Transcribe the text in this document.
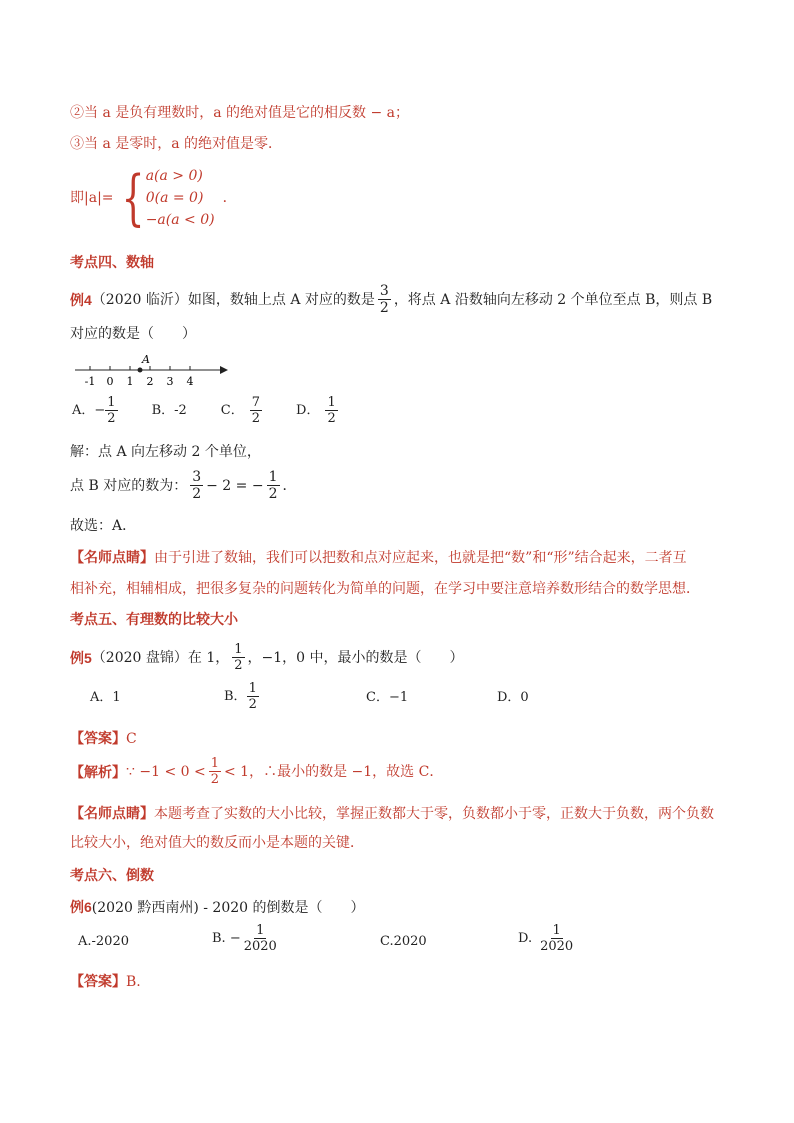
②当 a 是负有理数时，a 的绝对值是它的相反数 − a；
③当 a 是零时，a 的绝对值是零．
即|a|= { a(a > 0)
0(a = 0)
−a(a < 0)
．
考点四、数轴
例4 （2020 临沂）如图，数轴上点 A 对应的数是 $\frac{3}{2}$ ，将点 A 沿数轴向左移动 2 个单位至点 B，则点 B
对应的数是（　　）
-1 0 1 2 3 4
A
A．− $\frac{1}{2}$	B．-2	C． $\frac{7}{2}$	D． $\frac{1}{2}$
解：点 A 向左移动 2 个单位，
点 B 对应的数为： $\frac{3}{2} - 2$ = − $\frac{1}{2}$ ．
故选：A．
【名师点睛】由于引进了数轴，我们可以把数和点对应起来，也就是把“数”和“形”结合起来，二者互
相补充，相辅相成，把很多复杂的问题转化为简单的问题，在学习中要注意培养数形结合的数学思想．
考点五、有理数的比较大小
例5 （2020 盘锦）在 1， $\frac{1}{2}$ ，−1，0 中，最小的数是（　　）
A．1	B． $\frac{1}{2}$	C．−1	D．0
【答案】C
【解析】 ∵ $-1 < 0 < \frac{1}{2} < 1$，∴最小的数是 −1，故选 C．
【名师点睛】本题考查了实数的大小比较，掌握正数都大于零，负数都小于零，正数大于负数，两个负数
比较大小，绝对值大的数反而小是本题的关键．
考点六、倒数
例6(2020 黔西南州) - 2020 的倒数是（　　）
A.-2020	B. − $\frac{1}{2020}$	C.2020	D. $\frac{1}{2020}$
【答案】B.
